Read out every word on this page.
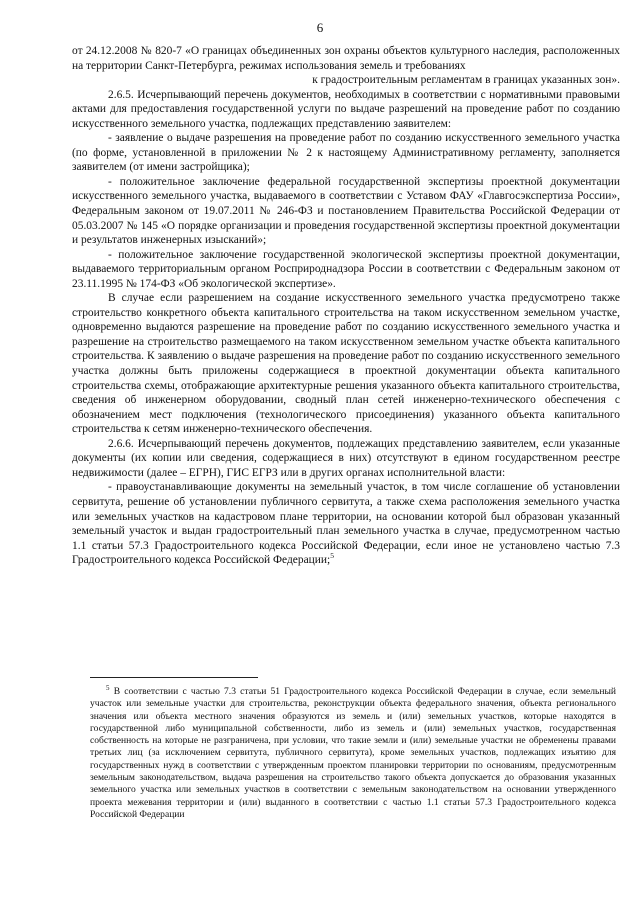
6

от 24.12.2008 № 820-7 «О границах объединенных зон охраны объектов культурного наследия, расположенных на территории Санкт-Петербурга, режимах использования земель и требованиях

к градостроительным регламентам в границах указанных зон».

2.6.5. Исчерпывающий перечень документов, необходимых в соответствии с нормативными правовыми актами для предоставления государственной услуги по выдаче разрешений на проведение работ по созданию искусственного земельного участка, подлежащих представлению заявителем:

- заявление о выдаче разрешения на проведение работ по созданию искусственного земельного участка (по форме, установленной в приложении № 2 к настоящему Административному регламенту, заполняется заявителем (от имени застройщика);

- положительное заключение федеральной государственной экспертизы проектной документации искусственного земельного участка, выдаваемого в соответствии с Уставом ФАУ «Главгосэкспертиза России», Федеральным законом от 19.07.2011 № 246-ФЗ и постановлением Правительства Российской Федерации от 05.03.2007 № 145 «О порядке организации и проведения государственной экспертизы проектной документации и результатов инженерных изысканий»;

- положительное заключение государственной экологической экспертизы проектной документации, выдаваемого территориальным органом Росприроднадзора России в соответствии с Федеральным законом от 23.11.1995 № 174-ФЗ «Об экологической экспертизе».

В случае если разрешением на создание искусственного земельного участка предусмотрено также строительство конкретного объекта капитального строительства на таком искусственном земельном участке, одновременно выдаются разрешение на проведение работ по созданию искусственного земельного участка и разрешение на строительство размещаемого на таком искусственном земельном участке объекта капитального строительства. К заявлению о выдаче разрешения на проведение работ по созданию искусственного земельного участка должны быть приложены содержащиеся в проектной документации объекта капитального строительства схемы, отображающие архитектурные решения указанного объекта капитального строительства, сведения об инженерном оборудовании, сводный план сетей инженерно-технического обеспечения с обозначением мест подключения (технологического присоединения) указанного объекта капитального строительства к сетям инженерно-технического обеспечения.

2.6.6. Исчерпывающий перечень документов, подлежащих представлению заявителем, если указанные документы (их копии или сведения, содержащиеся в них) отсутствуют в едином государственном реестре недвижимости (далее – ЕГРН), ГИС ЕГРЗ или в других органах исполнительной власти:

- правоустанавливающие документы на земельный участок, в том числе соглашение об установлении сервитута, решение об установлении публичного сервитута, а также схема расположения земельного участка или земельных участков на кадастровом плане территории, на основании которой был образован указанный земельный участок и выдан градостроительный план земельного участка в случае, предусмотренном частью 1.1 статьи 57.3 Градостроительного кодекса Российской Федерации, если иное не установлено частью 7.3 Градостроительного кодекса Российской Федерации;$^5$

$^5$ В соответствии с частью 7.3 статьи 51 Градостроительного кодекса Российской Федерации в случае, если земельный участок или земельные участки для строительства, реконструкции объекта федерального значения, объекта регионального значения или объекта местного значения образуются из земель и (или) земельных участков, которые находятся в государственной либо муниципальной собственности, либо из земель и (или) земельных участков, государственная собственность на которые не разграничена, при условии, что такие земли и (или) земельные участки не обременены правами третьих лиц (за исключением сервитута, публичного сервитута), кроме земельных участков, подлежащих изъятию для государственных нужд в соответствии с утвержденным проектом планировки территории по основаниям, предусмотренным земельным законодательством, выдача разрешения на строительство такого объекта допускается до образования указанных земельного участка или земельных участков в соответствии с земельным законодательством на основании утвержденного проекта межевания территории и (или) выданного в соответствии с частью 1.1 статьи 57.3 Градостроительного кодекса Российской Федерации
